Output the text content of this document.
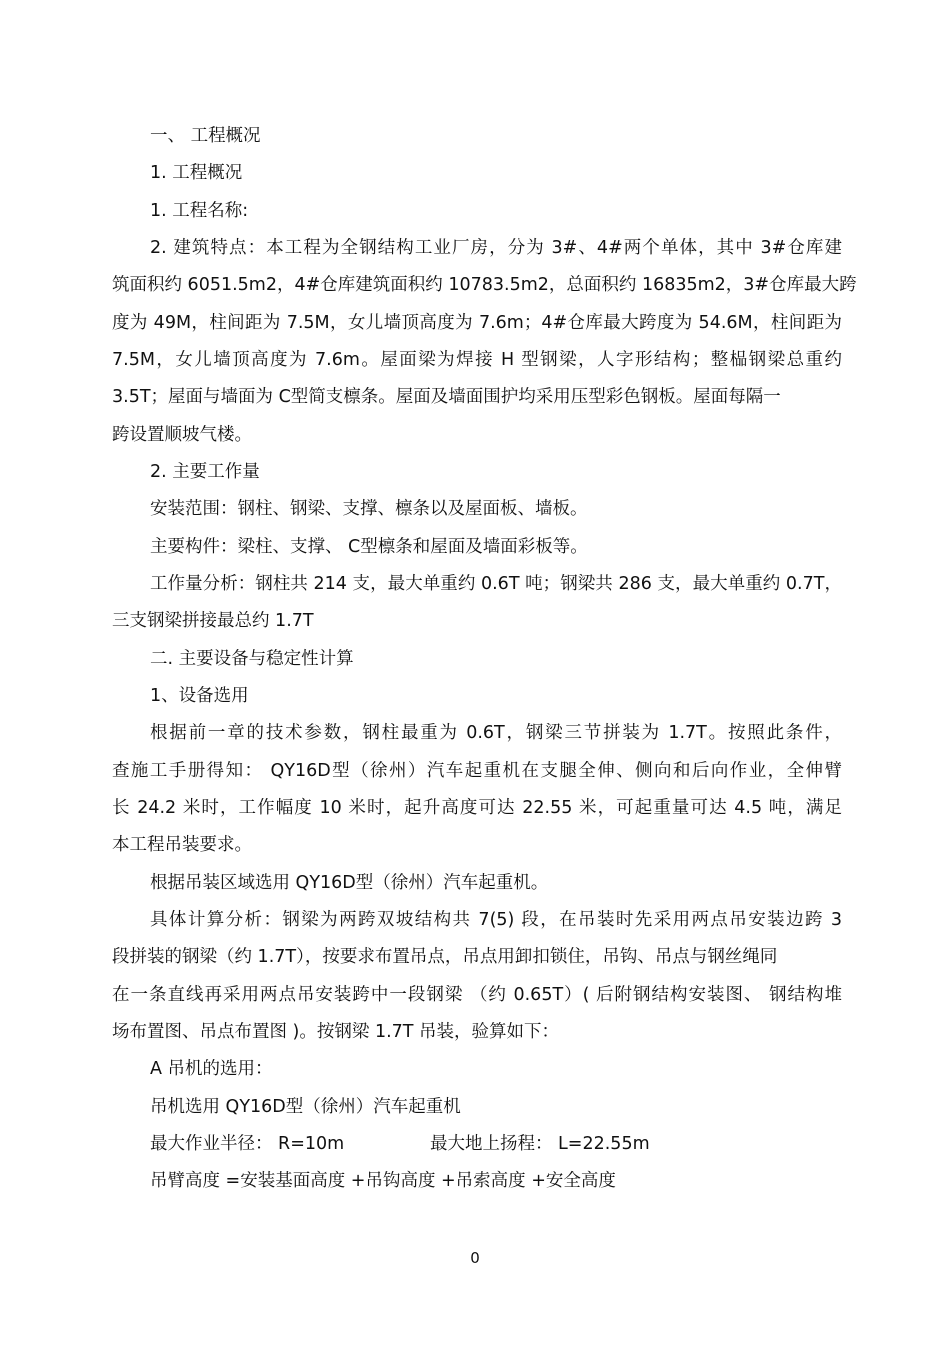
一、 工程概况
1. 工程概况
1. 工程名称:
2. 建筑特点：本工程为全钢结构工业厂房，分为 3#、4#两个单体，其中 3#仓库建
筑面积约 6051.5m2，4#仓库建筑面积约 10783.5m2，总面积约 16835m2，3#仓库最大跨
度为 49M，柱间距为 7.5M，女儿墙顶高度为 7.6m；4#仓库最大跨度为 54.6M，柱间距为
7.5M，女儿墙顶高度为 7.6m。屋面梁为焊接 H 型钢梁，人字形结构；整榀钢梁总重约
3.5T；屋面与墙面为 C型简支檩条。屋面及墙面围护均采用压型彩色钢板。屋面每隔一
跨设置顺坡气楼。
2. 主要工作量
安装范围：钢柱、钢梁、支撑、檩条以及屋面板、墙板。
主要构件：梁柱、支撑、 C型檩条和屋面及墙面彩板等。
工作量分析：钢柱共 214 支，最大单重约 0.6T 吨；钢梁共 286 支，最大单重约 0.7T，
三支钢梁拼接最总约 1.7T
二. 主要设备与稳定性计算
1、设备选用
根据前一章的技术参数，钢柱最重为 0.6T，钢梁三节拼装为 1.7T。按照此条件，
查施工手册得知： QY16D型（徐州）汽车起重机在支腿全伸、侧向和后向作业，全伸臂
长 24.2 米时，工作幅度 10 米时，起升高度可达 22.55 米，可起重量可达 4.5 吨，满足
本工程吊装要求。
根据吊装区域选用 QY16D型（徐州）汽车起重机。
具体计算分析：钢梁为两跨双坡结构共 7(5) 段，在吊装时先采用两点吊安装边跨 3
段拼装的钢梁（约 1.7T），按要求布置吊点，吊点用卸扣锁住，吊钩、吊点与钢丝绳同
在一条直线再采用两点吊安装跨中一段钢梁 （约 0.65T）( 后附钢结构安装图、 钢结构堆
场布置图、吊点布置图 )。按钢梁 1.7T 吊装，验算如下：
A 吊机的选用：
吊机选用 QY16D型（徐州）汽车起重机
最大作业半径： R=10m	最大地上扬程： L=22.55m
吊臂高度 =安装基面高度 +吊钩高度 +吊索高度 +安全高度
0
